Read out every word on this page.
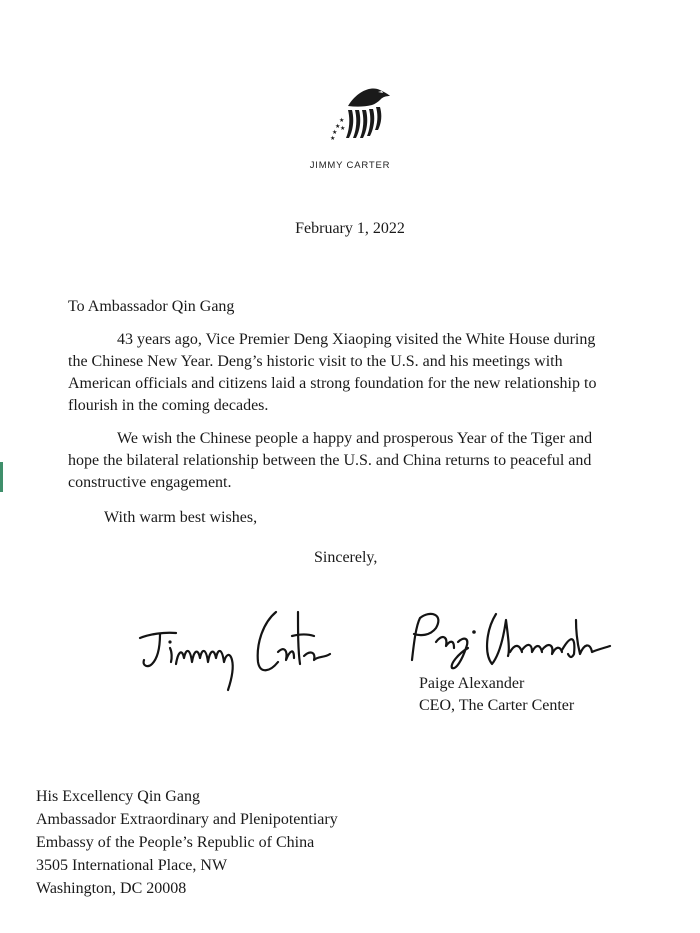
★
★
★
★
★

JIMMY CARTER

February 1, 2022

To Ambassador Qin Gang

43 years ago, Vice Premier Deng Xiaoping visited the White House during
the Chinese New Year. Deng’s historic visit to the U.S. and his meetings with
American officials and citizens laid a strong foundation for the new relationship to
flourish in the coming decades.
We wish the Chinese people a happy and prosperous Year of the Tiger and
hope the bilateral relationship between the U.S. and China returns to peaceful and
constructive engagement.

With warm best wishes,

Sincerely,

Paige Alexander

CEO, The Carter Center

His Excellency Qin Gang
Ambassador Extraordinary and Plenipotentiary
Embassy of the People’s Republic of China
3505 International Place, NW
Washington, DC 20008
